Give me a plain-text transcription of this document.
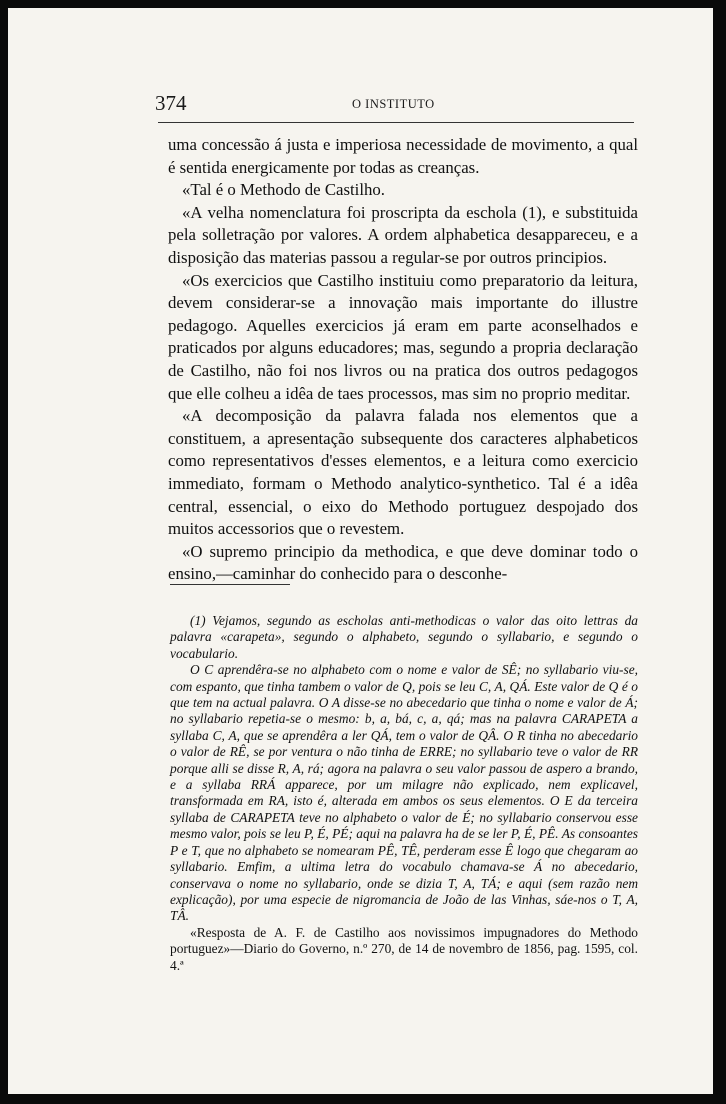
374	O INSTITUTO

uma concessão á justa e imperiosa necessidade de movimento, a qual é sentida energicamente por todas as creanças.

«Tal é o Methodo de Castilho.

«A velha nomenclatura foi proscripta da eschola (1), e substituida pela solletração por valores. A ordem alphabetica desappareceu, e a disposição das materias passou a regular-se por outros principios.

«Os exercicios que Castilho instituiu como preparatorio da leitura, devem considerar-se a innovação mais importante do illustre pedagogo. Aquelles exercicios já eram em parte aconselhados e praticados por alguns educadores; mas, segundo a propria declaração de Castilho, não foi nos livros ou na pratica dos outros pedagogos que elle colheu a idêa de taes processos, mas sim no proprio meditar.

«A decomposição da palavra falada nos elementos que a constituem, a apresentação subsequente dos caracteres alphabeticos como representativos d'esses elementos, e a leitura como exercicio immediato, formam o Methodo analytico-synthetico. Tal é a idêa central, essencial, o eixo do Methodo portuguez despojado dos muitos accessorios que o revestem.

«O supremo principio da methodica, e que deve dominar todo o ensino,—caminhar do conhecido para o desconhe-

(1) Vejamos, segundo as escholas anti-methodicas o valor das oito lettras da palavra «carapeta», segundo o alphabeto, segundo o syllabario, e segundo o vocabulario.

O C aprendêra-se no alphabeto com o nome e valor de SÊ; no syllabario viu-se, com espanto, que tinha tambem o valor de Q, pois se leu C, A, QÁ. Este valor de Q é o que tem na actual palavra. O A disse-se no abecedario que tinha o nome e valor de Á; no syllabario repetia-se o mesmo: b, a, bá, c, a, qá; mas na palavra CARAPETA a syllaba C, A, que se aprendêra a ler QÁ, tem o valor de QÂ. O R tinha no abecedario o valor de RÊ, se por ventura o não tinha de ERRE; no syllabario teve o valor de RR porque alli se disse R, A, rá; agora na palavra o seu valor passou de aspero a brando, e a syllaba RRÁ apparece, por um milagre não explicado, nem explicavel, transformada em RA, isto é, alterada em ambos os seus elementos. O E da terceira syllaba de CARAPETA teve no alphabeto o valor de É; no syllabario conservou esse mesmo valor, pois se leu P, É, PÉ; aqui na palavra ha de se ler P, É, PÊ. As consoantes P e T, que no alphabeto se nomearam PÊ, TÊ, perderam esse Ê logo que chegaram ao syllabario. Emfim, a ultima letra do vocabulo chamava-se Á no abecedario, conservava o nome no syllabario, onde se dizia T, A, TÁ; e aqui (sem razão nem explicação), por uma especie de nigromancia de João de las Vinhas, sáe-nos o T, A, TÂ.

«Resposta de A. F. de Castilho aos novissimos impugnadores do Methodo portuguez»—Diario do Governo, n.º 270, de 14 de novembro de 1856, pag. 1595, col. 4.ª
